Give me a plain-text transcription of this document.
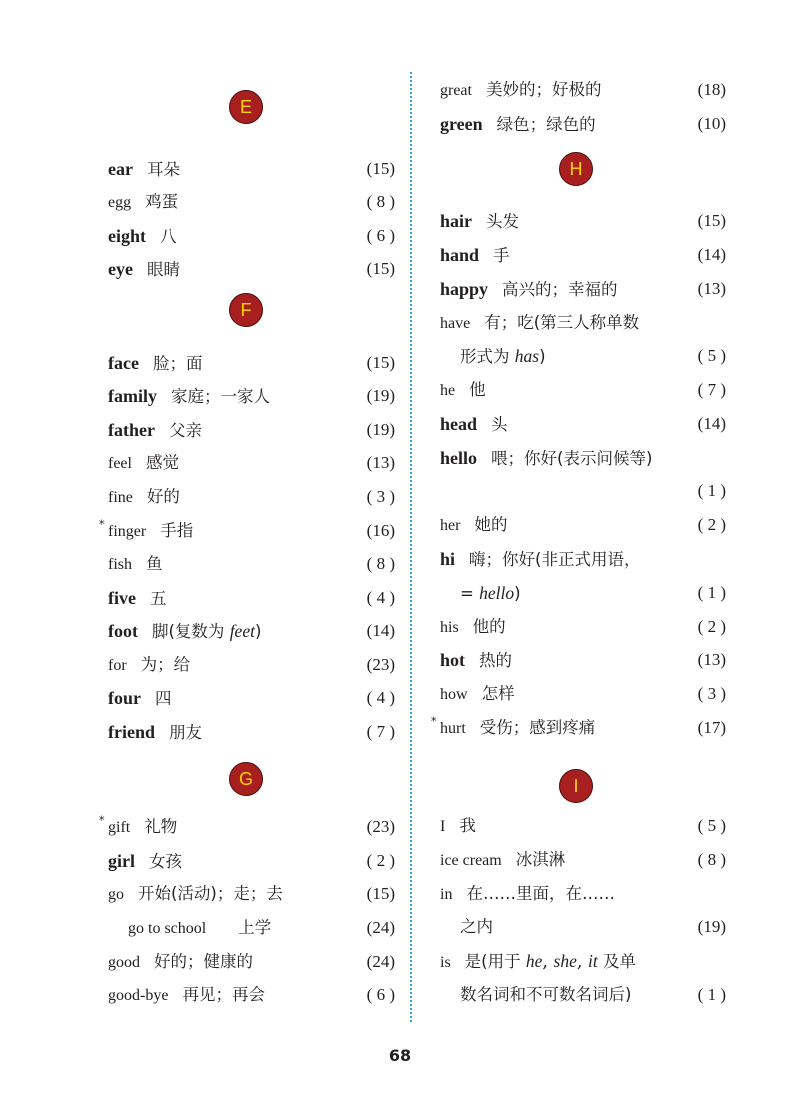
E
ear 耳朵	(15)
egg 鸡蛋	( 8 )
eight 八	( 6 )
eye 眼睛	(15)
F
face 脸；面	(15)
family 家庭；一家人	(19)
father 父亲	(19)
feel 感觉	(13)
fine 好的	( 3 )
* finger 手指	(16)
fish 鱼	( 8 )
five 五	( 4 )
foot 脚(复数为 feet)	(14)
for 为；给	(23)
four 四	( 4 )
friend 朋友	( 7 )
G
* gift 礼物	(23)
girl 女孩	( 2 )
go 开始(活动)；走；去	(15)
go to school 上学	(24)
good 好的；健康的	(24)
good-bye 再见；再会	( 6 )
great 美妙的；好极的	(18)
green 绿色；绿色的	(10)
H
hair 头发	(15)
hand 手	(14)
happy 高兴的；幸福的	(13)
have 有；吃(第三人称单数
形式为 has)	( 5 )
he 他	( 7 )
head 头	(14)
hello 喂；你好(表示问候等)
( 1 )
her 她的	( 2 )
hi 嗨；你好(非正式用语，
= hello)	( 1 )
his 他的	( 2 )
hot 热的	(13)
how 怎样	( 3 )
* hurt 受伤；感到疼痛	(17)
I
I 我	( 5 )
ice cream 冰淇淋	( 8 )
in 在……里面，在……
之内	(19)
is 是(用于 he, she, it 及单
数名词和不可数名词后)	( 1 )
68
